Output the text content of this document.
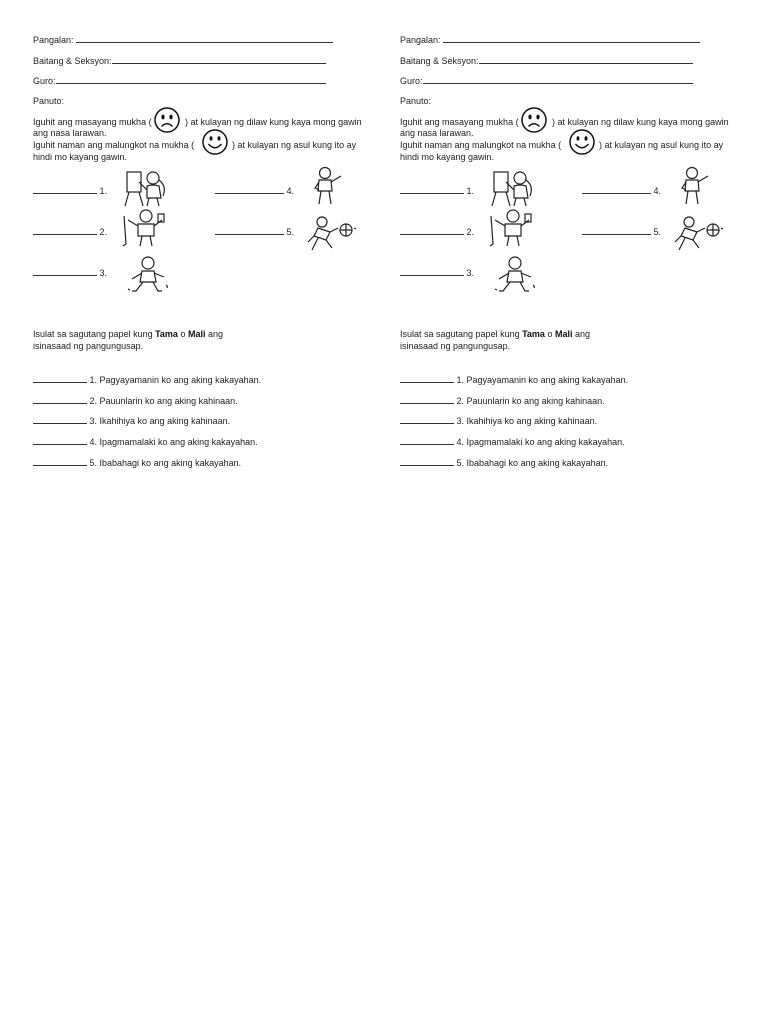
Pangalan:
Baitang & Seksyon:
Guro:
Panuto:
Iguhit ang masayang mukha (	) at kulayan ng dilaw kung kaya mong gawin
ang nasa larawan.
Iguhit naman ang malungkot na mukha (	) at kulayan ng asul kung ito ay
hindi mo kayang gawin.
1.
2.
3.
4.
5.
Isulat sa sagutang papel kung Tama o Mali ang
isinasaad ng pangungusap.
1. Pagyayamanin ko ang aking kakayahan.
2. Pauunlarin ko ang aking kahinaan.
3. Ikahihiya ko ang aking kahinaan.
4. Ipagmamalaki ko ang aking kakayahan.
5. Ibabahagi ko ang aking kakayahan.
Pangalan:
Baitang & Seksyon:
Guro:
Panuto:
Iguhit ang masayang mukha (	) at kulayan ng dilaw kung kaya mong gawin
ang nasa larawan.
Iguhit naman ang malungkot na mukha (	) at kulayan ng asul kung ito ay
hindi mo kayang gawin.
1.
2.
3.
4.
5.
Isulat sa sagutang papel kung Tama o Mali ang
isinasaad ng pangungusap.
1. Pagyayamanin ko ang aking kakayahan.
2. Pauunlarin ko ang aking kahinaan.
3. Ikahihiya ko ang aking kahinaan.
4. Ipagmamalaki ko ang aking kakayahan.
5. Ibabahagi ko ang aking kakayahan.
